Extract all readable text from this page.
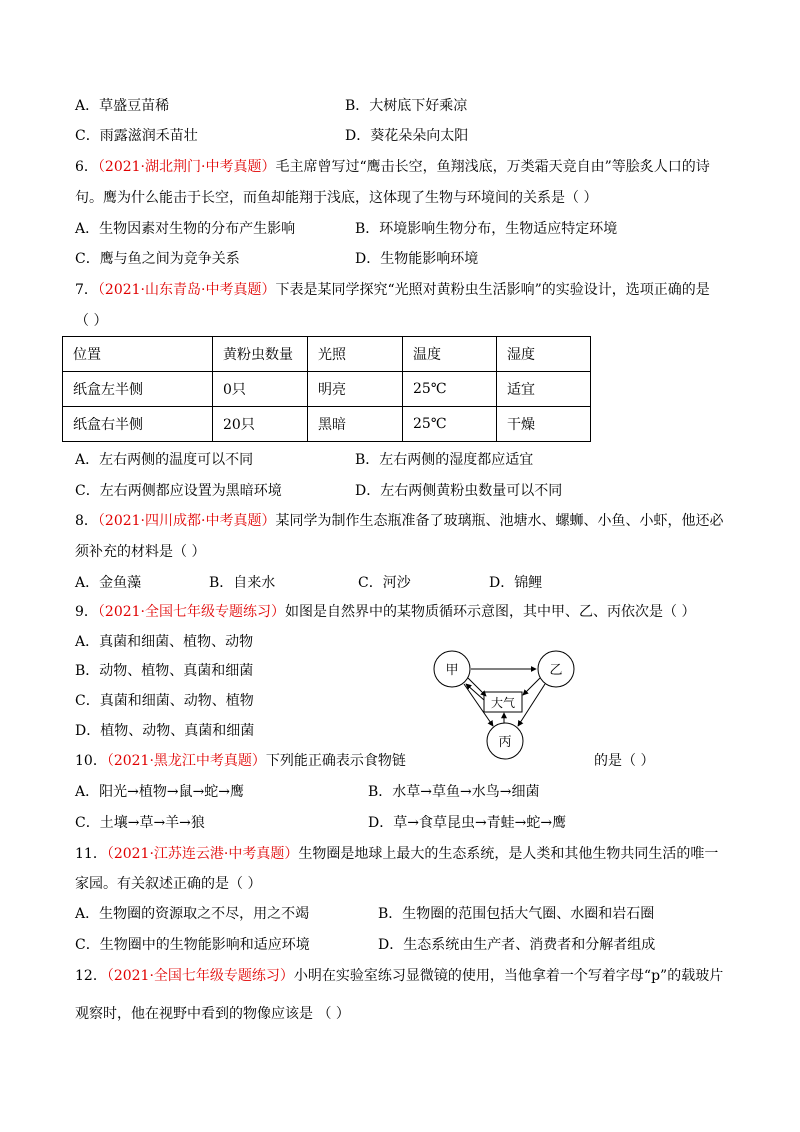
A．草盛豆苗稀	B．大树底下好乘凉
C．雨露滋润禾苗壮	D．葵花朵朵向太阳
6．（2021·湖北荆门·中考真题）毛主席曾写过“鹰击长空，鱼翔浅底，万类霜天竞自由”等脍炙人口的诗
句。鹰为什么能击于长空，而鱼却能翔于浅底，这体现了生物与环境间的关系是（ ）
A．生物因素对生物的分布产生影响	B．环境影响生物分布，生物适应特定环境
C．鹰与鱼之间为竞争关系	D．生物能影响环境
7．（2021·山东青岛·中考真题）下表是某同学探究“光照对黄粉虫生活影响”的实验设计，选项正确的是
（ ）
位置	黄粉虫数量	光照	温度	湿度
纸盒左半侧	0只	明亮	25℃	适宜
纸盒右半侧	20只	黑暗	25℃	干燥
A．左右两侧的温度可以不同	B．左右两侧的湿度都应适宜
C．左右两侧都应设置为黑暗环境	D．左右两侧黄粉虫数量可以不同
8．（2021·四川成都·中考真题）某同学为制作生态瓶准备了玻璃瓶、池塘水、螺蛳、小鱼、小虾，他还必
须补充的材料是（ ）
A．金鱼藻	B．自来水	C．河沙	D．锦鲤
9．（2021·全国七年级专题练习）如图是自然界中的某物质循环示意图，其中甲、乙、丙依次是（ ）
A．真菌和细菌、植物、动物
B．动物、植物、真菌和细菌
C．真菌和细菌、动物、植物
D．植物、动物、真菌和细菌
甲	乙
丙
大气
10．（2021·黑龙江中考真题）下列能正确表示食物链	的是（ ）
A．阳光→植物→鼠→蛇→鹰	B．水草→草鱼→水鸟→细菌
C．土壤→草→羊→狼	D．草→食草昆虫→青蛙→蛇→鹰
11．（2021·江苏连云港·中考真题）生物圈是地球上最大的生态系统，是人类和其他生物共同生活的唯一
家园。有关叙述正确的是（ ）
A．生物圈的资源取之不尽，用之不竭	B．生物圈的范围包括大气圈、水圈和岩石圈
C．生物圈中的生物能影响和适应环境	D．生态系统由生产者、消费者和分解者组成
12．（2021·全国七年级专题练习）小明在实验室练习显微镜的使用，当他拿着一个写着字母“p”的载玻片
观察时，他在视野中看到的物像应该是 （ ）
